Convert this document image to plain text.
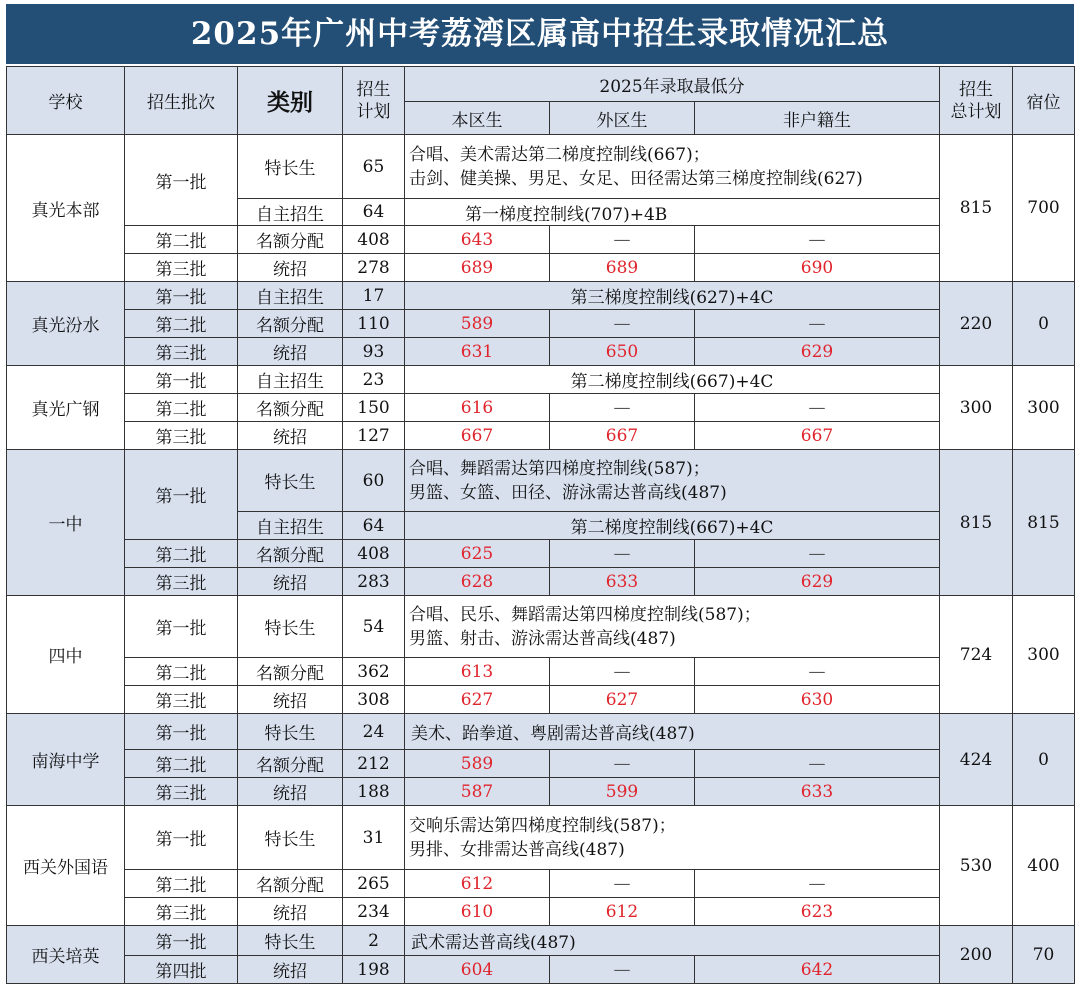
2025年广州中考荔湾区属高中招生录取情况汇总
学校	招生批次	类别	招生
计划	2025年录取最低分			招生
总计划	宿位
				本区生	外区生	非户籍生		
真光本部	第一批	特长生	65	合唱、美术需达第二梯度控制线(667)；
击剑、健美操、男足、女足、田径需达第三梯度控制线(627)			815	700
		自主招生	64	第一梯度控制线(707)+4B				
	第二批	名额分配	408	643	—	—		
	第三批	统招	278	689	689	690		
真光汾水	第一批	自主招生	17	第三梯度控制线(627)+4C			220	0
	第二批	名额分配	110	589	—	—		
	第三批	统招	93	631	650	629		
真光广钢	第一批	自主招生	23	第二梯度控制线(667)+4C			300	300
	第二批	名额分配	150	616	—	—		
	第三批	统招	127	667	667	667		
一中	第一批	特长生	60	合唱、舞蹈需达第四梯度控制线(587)；
男篮、女篮、田径、游泳需达普高线(487)			815	815
		自主招生	64	第二梯度控制线(667)+4C				
	第二批	名额分配	408	625	—	—		
	第三批	统招	283	628	633	629		
四中	第一批	特长生	54	合唱、民乐、舞蹈需达第四梯度控制线(587)；
男篮、射击、游泳需达普高线(487)			724	300
	第二批	名额分配	362	613	—	—		
	第三批	统招	308	627	627	630		
南海中学	第一批	特长生	24	美术、跆拳道、粤剧需达普高线(487)			424	0
	第二批	名额分配	212	589	—	—		
	第三批	统招	188	587	599	633		
西关外国语	第一批	特长生	31	交响乐需达第四梯度控制线(587)；
男排、女排需达普高线(487)			530	400
	第二批	名额分配	265	612	—	—		
	第三批	统招	234	610	612	623		
西关培英	第一批	特长生	2	武术需达普高线(487)			200	70
	第四批	统招	198	604	—	642		
